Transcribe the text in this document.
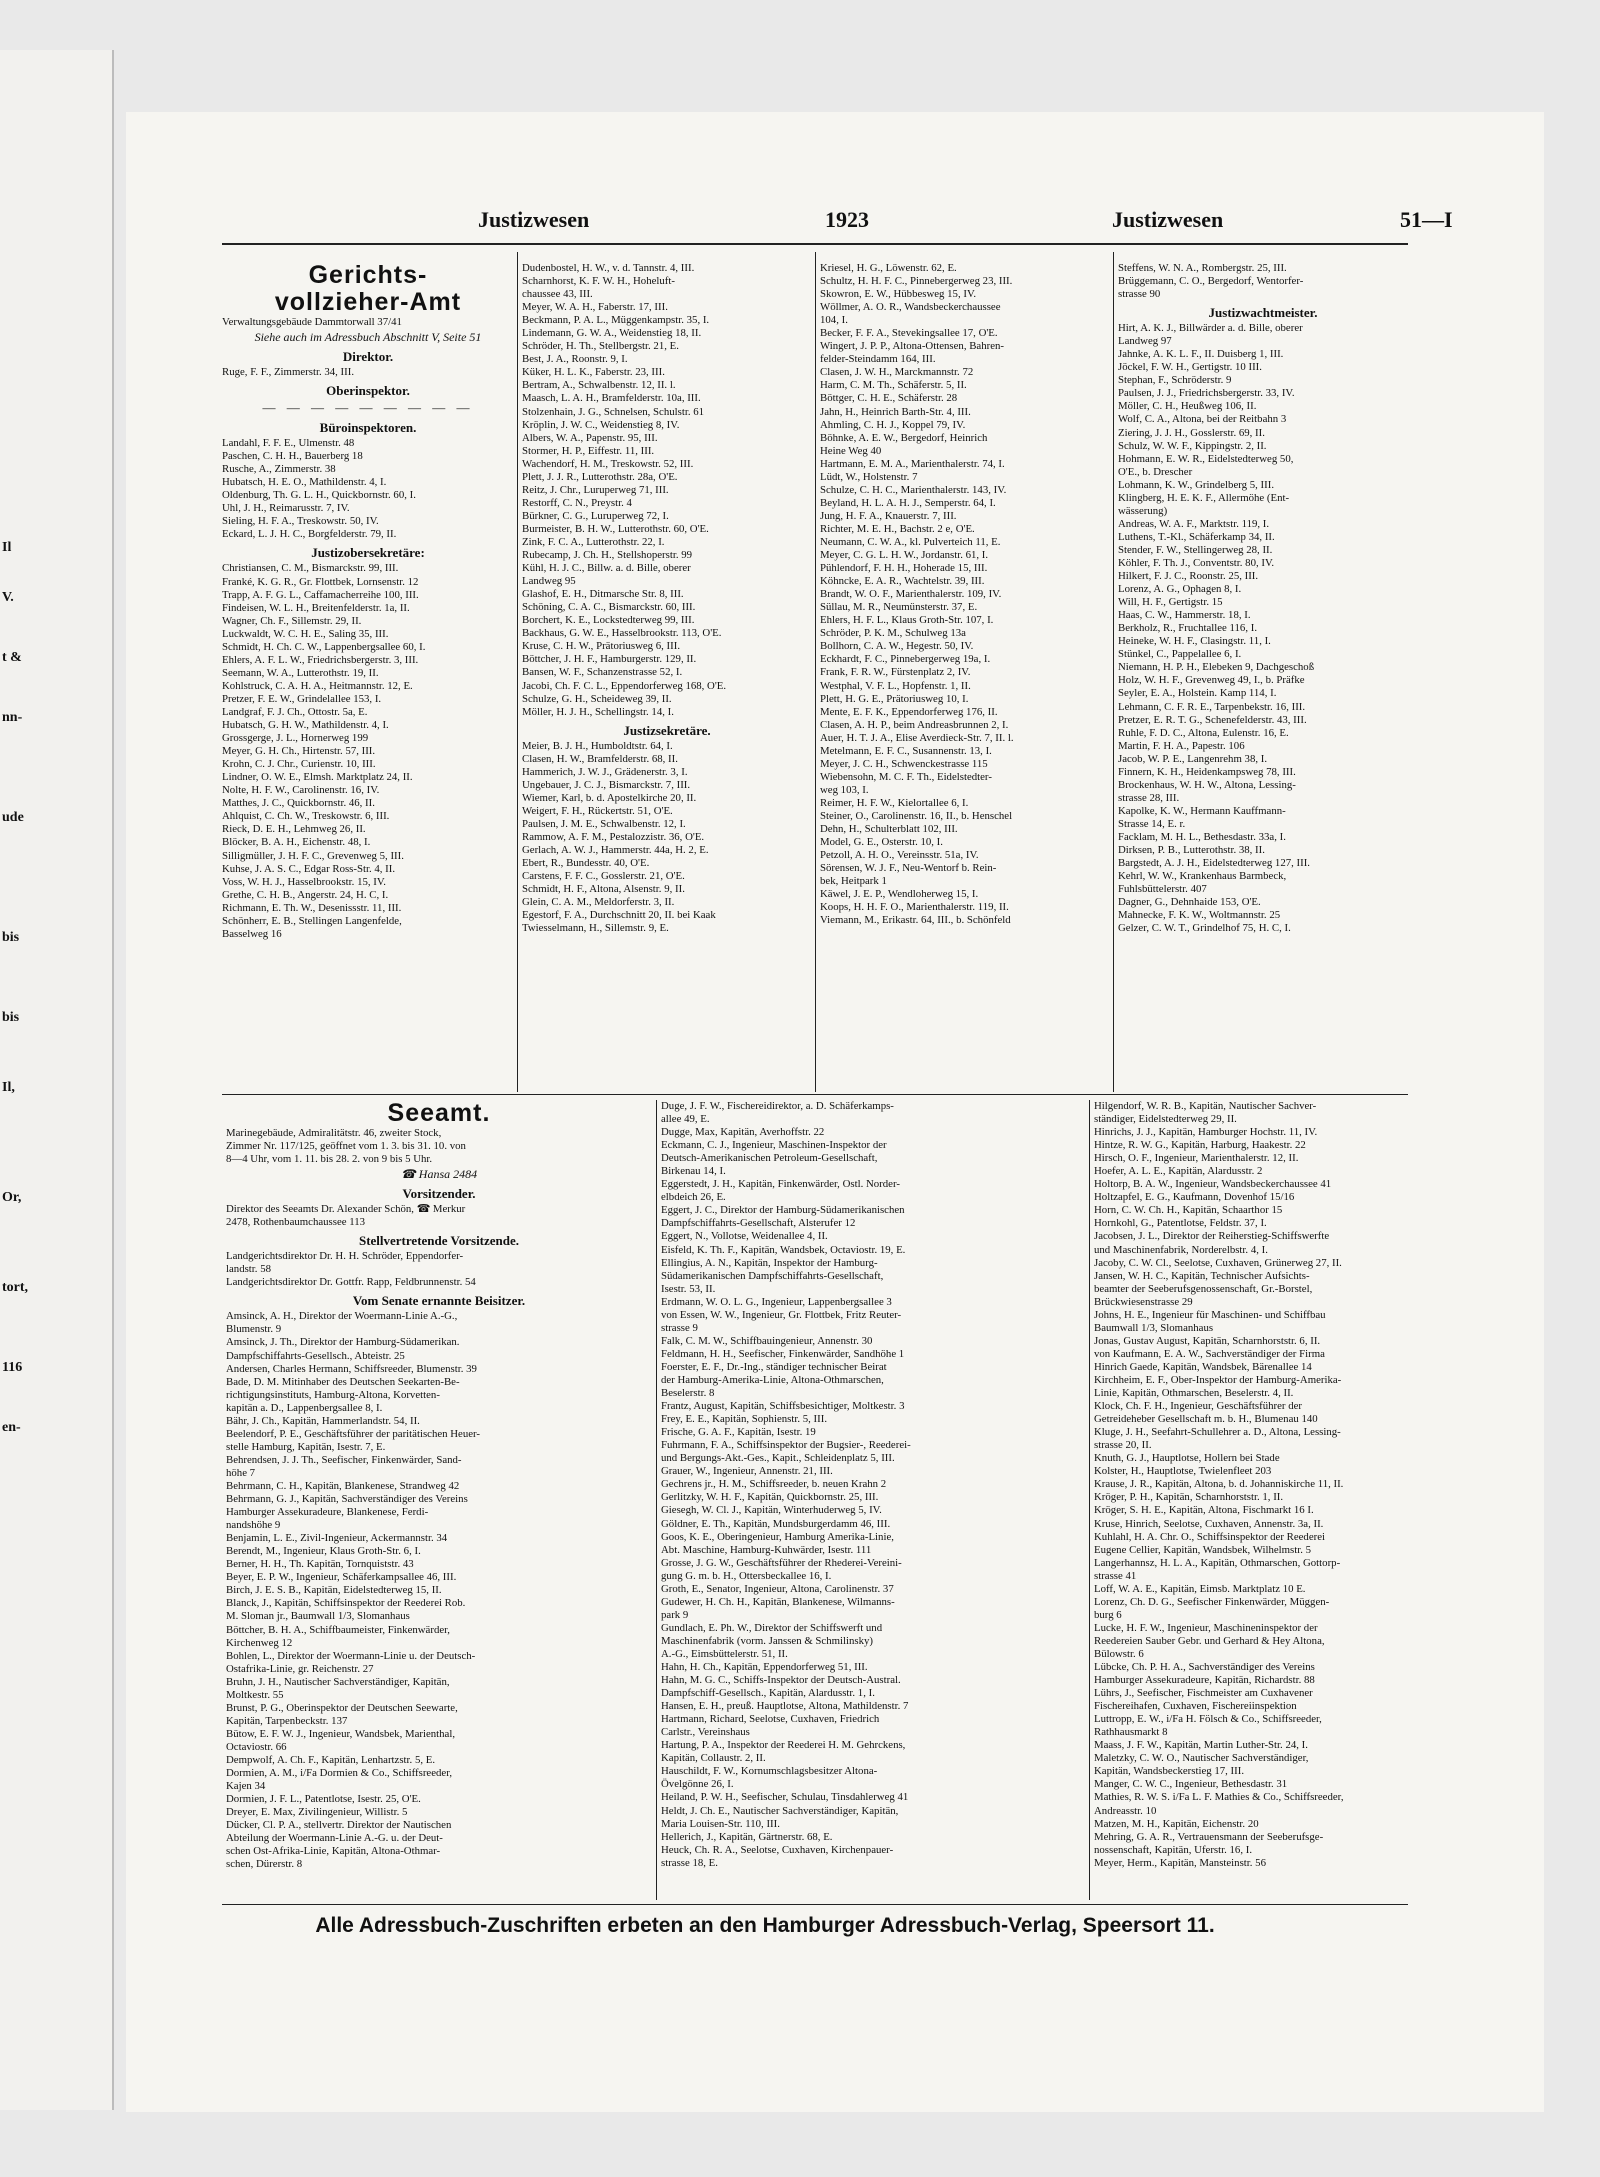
Il
V.
t &
nn-
ude
bis
bis
Il,
Or,
tort,
116
en-
Justizwesen	1923	Justizwesen	51—I
Gerichts-
vollzieher-Amt
Verwaltungsgebäude Dammtorwall 37/41
Siehe auch im Adressbuch Abschnitt V, Seite 51
Direktor.
Ruge, F. F., Zimmerstr. 34, III.
Oberinspektor.
— — — — — — — — —
Büroinspektoren.
Landahl, F. F. E., Ulmenstr. 48
Paschen, C. H. H., Bauerberg 18
Rusche, A., Zimmerstr. 38
Hubatsch, H. E. O., Mathildenstr. 4, I.
Oldenburg, Th. G. L. H., Quickbornstr. 60, I.
Uhl, J. H., Reimarusstr. 7, IV.
Sieling, H. F. A., Treskowstr. 50, IV.
Eckard, L. J. H. C., Borgfelderstr. 79, II.
Justizobersekretäre:
Christiansen, C. M., Bismarckstr. 99, III.
Franké, K. G. R., Gr. Flottbek, Lornsenstr. 12
Trapp, A. F. G. L., Caffamacherreihe 100, III.
Findeisen, W. L. H., Breitenfelderstr. 1a, II.
Wagner, Ch. F., Sillemstr. 29, II.
Luckwaldt, W. C. H. E., Saling 35, III.
Schmidt, H. Ch. C. W., Lappenbergsallee 60, I.
Ehlers, A. F. L. W., Friedrichsbergerstr. 3, III.
Seemann, W. A., Lutterothstr. 19, II.
Kohlstruck, C. A. H. A., Heitmannstr. 12, E.
Pretzer, F. E. W., Grindelallee 153, I.
Landgraf, F. J. Ch., Ottostr. 5a, E.
Hubatsch, G. H. W., Mathildenstr. 4, I.
Grossgerge, J. L., Hornerweg 199
Meyer, G. H. Ch., Hirtenstr. 57, III.
Krohn, C. J. Chr., Curienstr. 10, III.
Lindner, O. W. E., Elmsh. Marktplatz 24, II.
Nolte, H. F. W., Carolinenstr. 16, IV.
Matthes, J. C., Quickbornstr. 46, II.
Ahlquist, C. Ch. W., Treskowstr. 6, III.
Rieck, D. E. H., Lehmweg 26, II.
Blöcker, B. A. H., Eichenstr. 48, I.
Silligmüller, J. H. F. C., Grevenweg 5, III.
Kuhse, J. A. S. C., Edgar Ross-Str. 4, II.
Voss, W. H. J., Hasselbrookstr. 15, IV.
Grethe, C. H. B., Angerstr. 24, H. C, I.
Richmann, E. Th. W., Desenissstr. 11, III.
Schönherr, E. B., Stellingen Langenfelde,
Basselweg 16
Dudenbostel, H. W., v. d. Tannstr. 4, III.
Scharnhorst, K. F. W. H., Hoheluft-
chaussee 43, III.
Meyer, W. A. H., Faberstr. 17, III.
Beckmann, P. A. L., Müggenkampstr. 35, I.
Lindemann, G. W. A., Weidenstieg 18, II.
Schröder, H. Th., Stellbergstr. 21, E.
Best, J. A., Roonstr. 9, I.
Küker, H. L. K., Faberstr. 23, III.
Bertram, A., Schwalbenstr. 12, II. l.
Maasch, L. A. H., Bramfelderstr. 10a, III.
Stolzenhain, J. G., Schnelsen, Schulstr. 61
Kröplin, J. W. C., Weidenstieg 8, IV.
Albers, W. A., Papenstr. 95, III.
Stormer, H. P., Eiffestr. 11, III.
Wachendorf, H. M., Treskowstr. 52, III.
Plett, J. J. R., Lutterothstr. 28a, O'E.
Reitz, J. Chr., Luruperweg 71, III.
Restorff, C. N., Preystr. 4
Bürkner, C. G., Luruperweg 72, I.
Burmeister, B. H. W., Lutterothstr. 60, O'E.
Zink, F. C. A., Lutterothstr. 22, I.
Rubecamp, J. Ch. H., Stellshoperstr. 99
Kühl, H. J. C., Billw. a. d. Bille, oberer
Landweg 95
Glashof, E. H., Ditmarsche Str. 8, III.
Schöning, C. A. C., Bismarckstr. 60, III.
Borchert, K. E., Lockstedterweg 99, III.
Backhaus, G. W. E., Hasselbrookstr. 113, O'E.
Kruse, C. H. W., Prätoriusweg 6, III.
Böttcher, J. H. F., Hamburgerstr. 129, II.
Bansen, W. F., Schanzenstrasse 52, I.
Jacobi, Ch. F. C. L., Eppendorferweg 168, O'E.
Schulze, G. H., Scheideweg 39, II.
Möller, H. J. H., Schellingstr. 14, I.
Justizsekretäre.
Meier, B. J. H., Humboldtstr. 64, I.
Clasen, H. W., Bramfelderstr. 68, II.
Hammerich, J. W. J., Grädenerstr. 3, I.
Ungebauer, J. C. J., Bismarckstr. 7, III.
Wiemer, Karl, b. d. Apostelkirche 20, II.
Weigert, F. H., Rückertstr. 51, O'E.
Paulsen, J. M. E., Schwalbenstr. 12, I.
Rammow, A. F. M., Pestalozzistr. 36, O'E.
Gerlach, A. W. J., Hammerstr. 44a, H. 2, E.
Ebert, R., Bundesstr. 40, O'E.
Carstens, F. F. C., Gosslerstr. 21, O'E.
Schmidt, H. F., Altona, Alsenstr. 9, II.
Glein, C. A. M., Meldorferstr. 3, II.
Egestorf, F. A., Durchschnitt 20, II. bei Kaak
Twiesselmann, H., Sillemstr. 9, E.
Kriesel, H. G., Löwenstr. 62, E.
Schultz, H. H. F. C., Pinnebergerweg 23, III.
Skowron, E. W., Hübbesweg 15, IV.
Wöllmer, A. O. R., Wandsbeckerchaussee
104, I.
Becker, F. F. A., Stevekingsallee 17, O'E.
Wingert, J. P. P., Altona-Ottensen, Bahren-
felder-Steindamm 164, III.
Clasen, J. W. H., Marckmannstr. 72
Harm, C. M. Th., Schäferstr. 5, II.
Böttger, C. H. E., Schäferstr. 28
Jahn, H., Heinrich Barth-Str. 4, III.
Ahmling, C. H. J., Koppel 79, IV.
Böhnke, A. E. W., Bergedorf, Heinrich
Heine Weg 40
Hartmann, E. M. A., Marienthalerstr. 74, I.
Lüdt, W., Holstenstr. 7
Schulze, C. H. C., Marienthalerstr. 143, IV.
Beyland, H. L. A. H. J., Semperstr. 64, I.
Jung, H. F. A., Knauerstr. 7, III.
Richter, M. E. H., Bachstr. 2 e, O'E.
Neumann, C. W. A., kl. Pulverteich 11, E.
Meyer, C. G. L. H. W., Jordanstr. 61, I.
Pühlendorf, F. H. H., Hoherade 15, III.
Köhncke, E. A. R., Wachtelstr. 39, III.
Brandt, W. O. F., Marienthalerstr. 109, IV.
Süllau, M. R., Neumünsterstr. 37, E.
Ehlers, H. F. L., Klaus Groth-Str. 107, I.
Schröder, P. K. M., Schulweg 13a
Bollhorn, C. A. W., Hegestr. 50, IV.
Eckhardt, F. C., Pinnebergerweg 19a, I.
Frank, F. R. W., Fürstenplatz 2, IV.
Westphal, V. F. L., Hopfenstr. 1, II.
Plett, H. G. E., Prätoriusweg 10, I.
Mente, E. F. K., Eppendorferweg 176, II.
Clasen, A. H. P., beim Andreasbrunnen 2, I.
Auer, H. T. J. A., Elise Averdieck-Str. 7, II. l.
Metelmann, E. F. C., Susannenstr. 13, I.
Meyer, J. C. H., Schwenckestrasse 115
Wiebensohn, M. C. F. Th., Eidelstedter-
weg 103, I.
Reimer, H. F. W., Kielortallee 6, I.
Steiner, O., Carolinenstr. 16, II., b. Henschel
Dehn, H., Schulterblatt 102, III.
Model, G. E., Osterstr. 10, I.
Petzoll, A. H. O., Vereinsstr. 51a, IV.
Sörensen, W. J. F., Neu-Wentorf b. Rein-
bek, Heitpark 1
Käwel, J. E. P., Wendloherweg 15, I.
Koops, H. H. F. O., Marienthalerstr. 119, II.
Viemann, M., Erikastr. 64, III., b. Schönfeld
Steffens, W. N. A., Rombergstr. 25, III.
Brüggemann, C. O., Bergedorf, Wentorfer-
strasse 90
Justizwachtmeister.
Hirt, A. K. J., Billwärder a. d. Bille, oberer
Landweg 97
Jahnke, A. K. L. F., II. Duisberg 1, III.
Jöckel, F. W. H., Gertigstr. 10 III.
Stephan, F., Schröderstr. 9
Paulsen, J. J., Friedrichsbergerstr. 33, IV.
Möller, C. H., Heußweg 106, II.
Wolf, C. A., Altona, bei der Reitbahn 3
Ziering, J. J. H., Gosslerstr. 69, II.
Schulz, W. W. F., Kippingstr. 2, II.
Hohmann, E. W. R., Eidelstedterweg 50,
O'E., b. Drescher
Lohmann, K. W., Grindelberg 5, III.
Klingberg, H. E. K. F., Allermöhe (Ent-
wässerung)
Andreas, W. A. F., Marktstr. 119, I.
Luthens, T.-Kl., Schäferkamp 34, II.
Stender, F. W., Stellingerweg 28, II.
Köhler, F. Th. J., Conventstr. 80, IV.
Hilkert, F. J. C., Roonstr. 25, III.
Lorenz, A. G., Ophagen 8, I.
Will, H. F., Gertigstr. 15
Haas, C. W., Hammerstr. 18, I.
Berkholz, R., Fruchtallee 116, I.
Heineke, W. H. F., Clasingstr. 11, I.
Stünkel, C., Pappelallee 6, I.
Niemann, H. P. H., Elebeken 9, Dachgeschoß
Holz, W. H. F., Grevenweg 49, I., b. Präfke
Seyler, E. A., Holstein. Kamp 114, I.
Lehmann, C. F. R. E., Tarpenbekstr. 16, III.
Pretzer, E. R. T. G., Schenefelderstr. 43, III.
Ruhle, F. D. C., Altona, Eulenstr. 16, E.
Martin, F. H. A., Papestr. 106
Jacob, W. P. E., Langenrehm 38, I.
Finnern, K. H., Heidenkampsweg 78, III.
Brockenhaus, W. H. W., Altona, Lessing-
strasse 28, III.
Kapolke, K. W., Hermann Kauffmann-
Strasse 14, E. r.
Facklam, M. H. L., Bethesdastr. 33a, I.
Dirksen, P. B., Lutterothstr. 38, II.
Bargstedt, A. J. H., Eidelstedterweg 127, III.
Kehrl, W. W., Krankenhaus Barmbeck,
Fuhlsbüttelerstr. 407
Dagner, G., Dehnhaide 153, O'E.
Mahnecke, F. K. W., Woltmannstr. 25
Gelzer, C. W. T., Grindelhof 75, H. C, I.
Seeamt.
Marinegebäude, Admiralitätstr. 46, zweiter Stock,
Zimmer Nr. 117/125, geöffnet vom 1. 3. bis 31. 10. von
8—4 Uhr, vom 1. 11. bis 28. 2. von 9 bis 5 Uhr.
☎ Hansa 2484
Vorsitzender.
Direktor des Seeamts Dr. Alexander Schön, ☎ Merkur
2478, Rothenbaumchaussee 113
Stellvertretende Vorsitzende.
Landgerichtsdirektor Dr. H. H. Schröder, Eppendorfer-
landstr. 58
Landgerichtsdirektor Dr. Gottfr. Rapp, Feldbrunnenstr. 54
Vom Senate ernannte Beisitzer.
Amsinck, A. H., Direktor der Woermann-Linie A.-G.,
Blumenstr. 9
Amsinck, J. Th., Direktor der Hamburg-Südamerikan.
Dampfschiffahrts-Gesellsch., Abteistr. 25
Andersen, Charles Hermann, Schiffsreeder, Blumenstr. 39
Bade, D. M. Mitinhaber des Deutschen Seekarten-Be-
richtigungsinstituts, Hamburg-Altona, Korvetten-
kapitän a. D., Lappenbergsallee 8, I.
Bähr, J. Ch., Kapitän, Hammerlandstr. 54, II.
Beelendorf, P. E., Geschäftsführer der paritätischen Heuer-
stelle Hamburg, Kapitän, Isestr. 7, E.
Behrendsen, J. J. Th., Seefischer, Finkenwärder, Sand-
höhe 7
Behrmann, C. H., Kapitän, Blankenese, Strandweg 42
Behrmann, G. J., Kapitän, Sachverständiger des Vereins
Hamburger Assekuradeure, Blankenese, Ferdi-
nandshöhe 9
Benjamin, L. E., Zivil-Ingenieur, Ackermannstr. 34
Berendt, M., Ingenieur, Klaus Groth-Str. 6, I.
Berner, H. H., Th. Kapitän, Tornquiststr. 43
Beyer, E. P. W., Ingenieur, Schäferkampsallee 46, III.
Birch, J. E. S. B., Kapitän, Eidelstedterweg 15, II.
Blanck, J., Kapitän, Schiffsinspektor der Reederei Rob.
M. Sloman jr., Baumwall 1/3, Slomanhaus
Böttcher, B. H. A., Schiffbaumeister, Finkenwärder,
Kirchenweg 12
Bohlen, L., Direktor der Woermann-Linie u. der Deutsch-
Ostafrika-Linie, gr. Reichenstr. 27
Bruhn, J. H., Nautischer Sachverständiger, Kapitän,
Moltkestr. 55
Brunst, P. G., Oberinspektor der Deutschen Seewarte,
Kapitän, Tarpenbeckstr. 137
Bütow, E. F. W. J., Ingenieur, Wandsbek, Marienthal,
Octaviostr. 66
Dempwolf, A. Ch. F., Kapitän, Lenhartzstr. 5, E.
Dormien, A. M., i/Fa Dormien & Co., Schiffsreeder,
Kajen 34
Dormien, J. F. L., Patentlotse, Isestr. 25, O'E.
Dreyer, E. Max, Zivilingenieur, Willistr. 5
Dücker, Cl. P. A., stellvertr. Direktor der Nautischen
Abteilung der Woermann-Linie A.-G. u. der Deut-
schen Ost-Afrika-Linie, Kapitän, Altona-Othmar-
schen, Dürerstr. 8
Duge, J. F. W., Fischereidirektor, a. D. Schäferkamps-
allee 49, E.
Dugge, Max, Kapitän, Averhoffstr. 22
Eckmann, C. J., Ingenieur, Maschinen-Inspektor der
Deutsch-Amerikanischen Petroleum-Gesellschaft,
Birkenau 14, I.
Eggerstedt, J. H., Kapitän, Finkenwärder, Ostl. Norder-
elbdeich 26, E.
Eggert, J. C., Direktor der Hamburg-Südamerikanischen
Dampfschiffahrts-Gesellschaft, Alsterufer 12
Eggert, N., Vollotse, Weidenallee 4, II.
Eisfeld, K. Th. F., Kapitän, Wandsbek, Octaviostr. 19, E.
Ellingius, A. N., Kapitän, Inspektor der Hamburg-
Südamerikanischen Dampfschiffahrts-Gesellschaft,
Isestr. 53, II.
Erdmann, W. O. L. G., Ingenieur, Lappenbergsallee 3
von Essen, W. W., Ingenieur, Gr. Flottbek, Fritz Reuter-
strasse 9
Falk, C. M. W., Schiffbauingenieur, Annenstr. 30
Feldmann, H. H., Seefischer, Finkenwärder, Sandhöhe 1
Foerster, E. F., Dr.-Ing., ständiger technischer Beirat
der Hamburg-Amerika-Linie, Altona-Othmarschen,
Beselerstr. 8
Frantz, August, Kapitän, Schiffsbesichtiger, Moltkestr. 3
Frey, E. E., Kapitän, Sophienstr. 5, III.
Frische, G. A. F., Kapitän, Isestr. 19
Fuhrmann, F. A., Schiffsinspektor der Bugsier-, Reederei-
und Bergungs-Akt.-Ges., Kapit., Schleidenplatz 5, III.
Grauer, W., Ingenieur, Annenstr. 21, III.
Gechrens jr., H. M., Schiffsreeder, b. neuen Krahn 2
Gerlitzky, W. H. F., Kapitän, Quickbornstr. 25, III.
Giesegh, W. Cl. J., Kapitän, Winterhuderweg 5, IV.
Göldner, E. Th., Kapitän, Mundsburgerdamm 46, III.
Goos, K. E., Oberingenieur, Hamburg Amerika-Linie,
Abt. Maschine, Hamburg-Kuhwärder, Isestr. 111
Grosse, J. G. W., Geschäftsführer der Rhederei-Vereini-
gung G. m. b. H., Ottersbeckallee 16, I.
Groth, E., Senator, Ingenieur, Altona, Carolinenstr. 37
Gudewer, H. Ch. H., Kapitän, Blankenese, Wilmanns-
park 9
Gundlach, E. Ph. W., Direktor der Schiffswerft und
Maschinenfabrik (vorm. Janssen & Schmilinsky)
A.-G., Eimsbüttelerstr. 51, II.
Hahn, H. Ch., Kapitän, Eppendorferweg 51, III.
Hahn, M. G. C., Schiffs-Inspektor der Deutsch-Austral.
Dampfschiff-Gesellsch., Kapitän, Alardusstr. 1, I.
Hansen, E. H., preuß. Hauptlotse, Altona, Mathildenstr. 7
Hartmann, Richard, Seelotse, Cuxhaven, Friedrich
Carlstr., Vereinshaus
Hartung, P. A., Inspektor der Reederei H. M. Gehrckens,
Kapitän, Collaustr. 2, II.
Hauschildt, F. W., Kornumschlagsbesitzer Altona-
Övelgönne 26, I.
Heiland, P. W. H., Seefischer, Schulau, Tinsdahlerweg 41
Heldt, J. Ch. E., Nautischer Sachverständiger, Kapitän,
Maria Louisen-Str. 110, III.
Hellerich, J., Kapitän, Gärtnerstr. 68, E.
Heuck, Ch. R. A., Seelotse, Cuxhaven, Kirchenpauer-
strasse 18, E.
Hilgendorf, W. R. B., Kapitän, Nautischer Sachver-
ständiger, Eidelstedterweg 29, II.
Hinrichs, J. J., Kapitän, Hamburger Hochstr. 11, IV.
Hintze, R. W. G., Kapitän, Harburg, Haakestr. 22
Hirsch, O. F., Ingenieur, Marienthalerstr. 12, II.
Hoefer, A. L. E., Kapitän, Alardusstr. 2
Holtorp, B. A. W., Ingenieur, Wandsbeckerchaussee 41
Holtzapfel, E. G., Kaufmann, Dovenhof 15/16
Horn, C. W. Ch. H., Kapitän, Schaarthor 15
Hornkohl, G., Patentlotse, Feldstr. 37, I.
Jacobsen, J. L., Direktor der Reiherstieg-Schiffswerfte
und Maschinenfabrik, Norderelbstr. 4, I.
Jacoby, C. W. Cl., Seelotse, Cuxhaven, Grünerweg 27, II.
Jansen, W. H. C., Kapitän, Technischer Aufsichts-
beamter der Seeberufsgenossenschaft, Gr.-Borstel,
Brückwiesenstrasse 29
Johns, H. E., Ingenieur für Maschinen- und Schiffbau
Baumwall 1/3, Slomanhaus
Jonas, Gustav August, Kapitän, Scharnhorststr. 6, II.
von Kaufmann, E. A. W., Sachverständiger der Firma
Hinrich Gaede, Kapitän, Wandsbek, Bärenallee 14
Kirchheim, E. F., Ober-Inspektor der Hamburg-Amerika-
Linie, Kapitän, Othmarschen, Beselerstr. 4, II.
Klock, Ch. F. H., Ingenieur, Geschäftsführer der
Getreideheber Gesellschaft m. b. H., Blumenau 140
Kluge, J. H., Seefahrt-Schullehrer a. D., Altona, Lessing-
strasse 20, II.
Knuth, G. J., Hauptlotse, Hollern bei Stade
Kolster, H., Hauptlotse, Twielenfleet 203
Krause, J. R., Kapitän, Altona, b. d. Johanniskirche 11, II.
Kröger, P. H., Kapitän, Scharnhorststr. 1, II.
Kröger, S. H. E., Kapitän, Altona, Fischmarkt 16 I.
Kruse, Hinrich, Seelotse, Cuxhaven, Annenstr. 3a, II.
Kuhlahl, H. A. Chr. O., Schiffsinspektor der Reederei
Eugene Cellier, Kapitän, Wandsbek, Wilhelmstr. 5
Langerhannsz, H. L. A., Kapitän, Othmarschen, Gottorp-
strasse 41
Loff, W. A. E., Kapitän, Eimsb. Marktplatz 10 E.
Lorenz, Ch. D. G., Seefischer Finkenwärder, Müggen-
burg 6
Lucke, H. F. W., Ingenieur, Maschineninspektor der
Reedereien Sauber Gebr. und Gerhard & Hey Altona,
Bülowstr. 6
Lübcke, Ch. P. H. A., Sachverständiger des Vereins
Hamburger Assekuradeure, Kapitän, Richardstr. 88
Lührs, J., Seefischer, Fischmeister am Cuxhavener
Fischereihafen, Cuxhaven, Fischereiinspektion
Luttropp, E. W., i/Fa H. Fölsch & Co., Schiffsreeder,
Rathhausmarkt 8
Maass, J. F. W., Kapitän, Martin Luther-Str. 24, I.
Maletzky, C. W. O., Nautischer Sachverständiger,
Kapitän, Wandsbeckerstieg 17, III.
Manger, C. W. C., Ingenieur, Bethesdastr. 31
Mathies, R. W. S. i/Fa L. F. Mathies & Co., Schiffsreeder,
Andreasstr. 10
Matzen, M. H., Kapitän, Eichenstr. 20
Mehring, G. A. R., Vertrauensmann der Seeberufsge-
nossenschaft, Kapitän, Uferstr. 16, I.
Meyer, Herm., Kapitän, Mansteinstr. 56
Alle Adressbuch-Zuschriften erbeten an den Hamburger Adressbuch-Verlag, Speersort 11.
